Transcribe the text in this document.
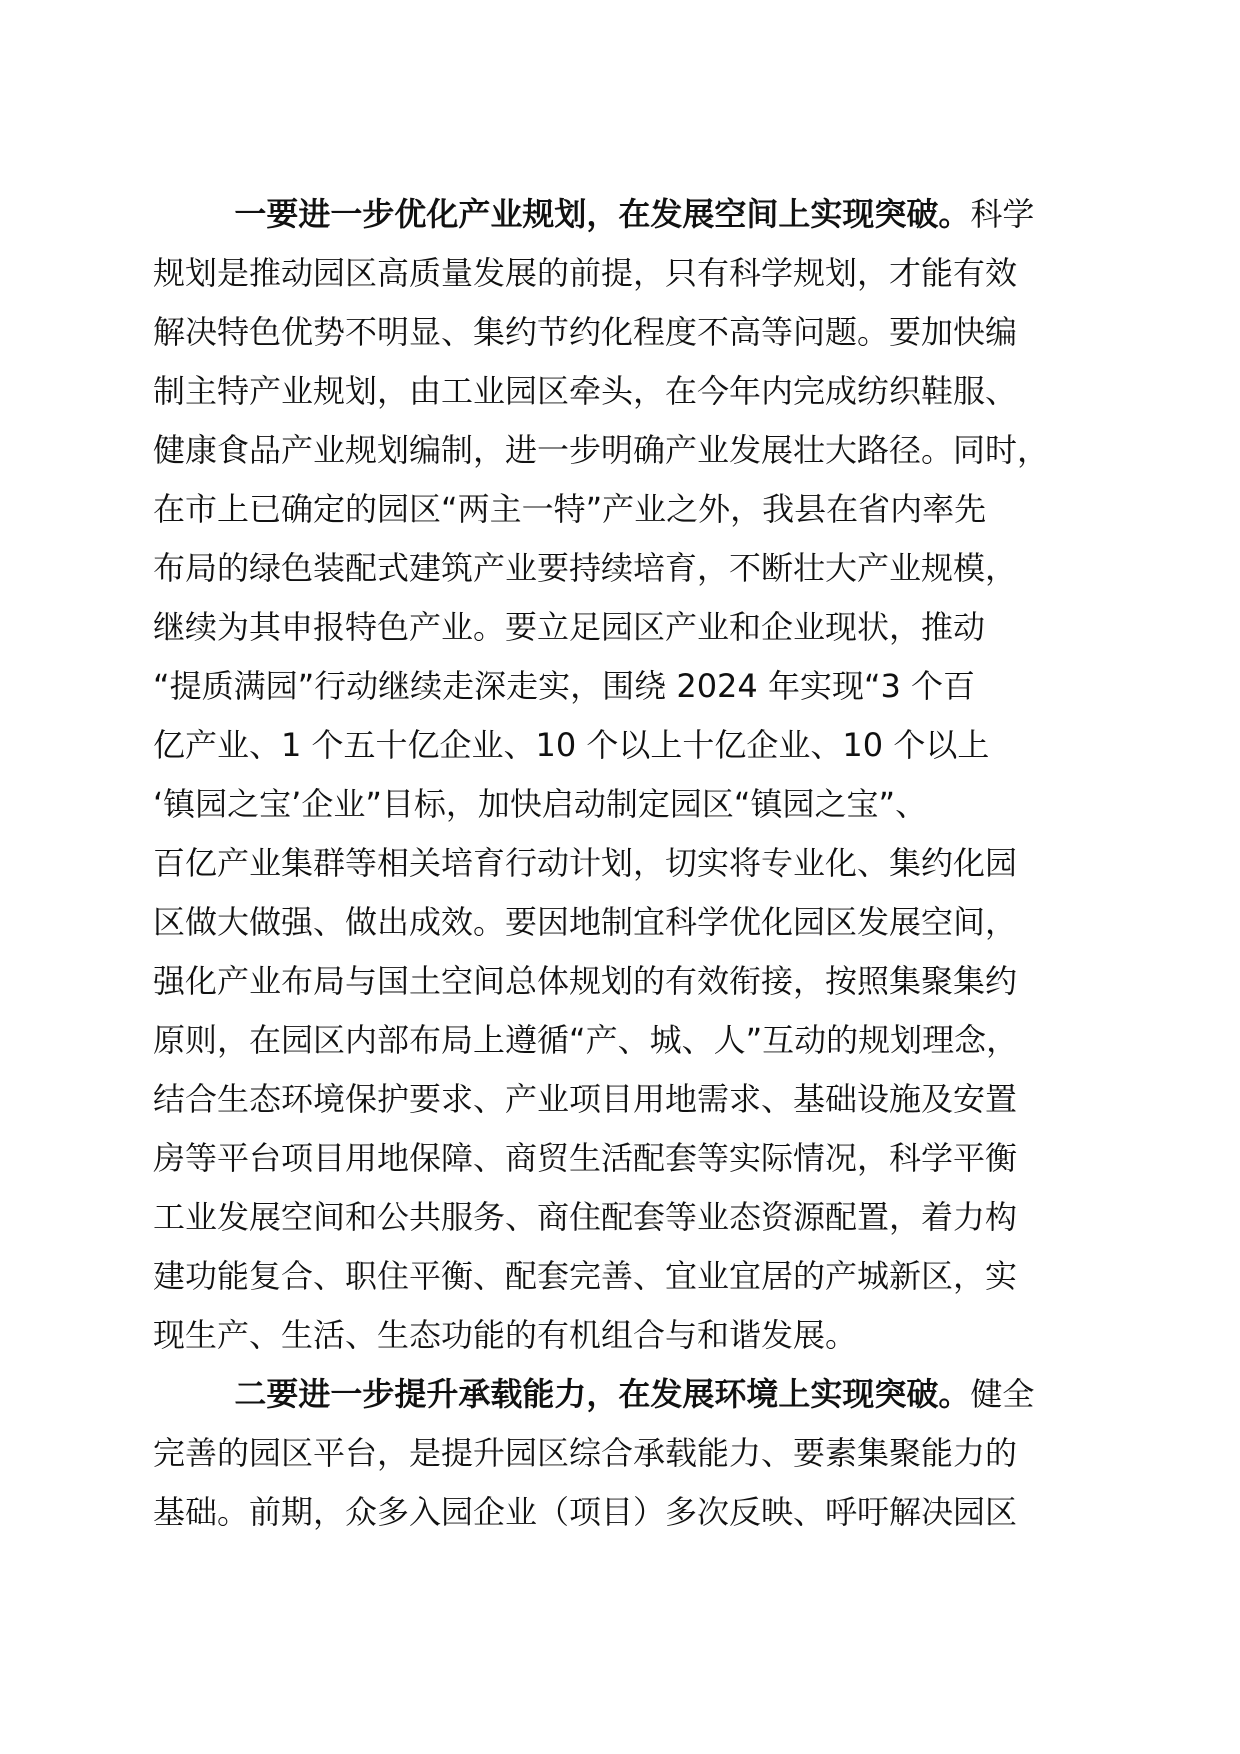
一要进一步优化产业规划，在发展空间上实现突破。科学
规划是推动园区高质量发展的前提，只有科学规划，才能有效
解决特色优势不明显、集约节约化程度不高等问题。要加快编
制主特产业规划，由工业园区牵头，在今年内完成纺织鞋服、
健康食品产业规划编制，进一步明确产业发展壮大路径。同时，
在市上已确定的园区“两主一特”产业之外，我县在省内率先
布局的绿色装配式建筑产业要持续培育，不断壮大产业规模，
继续为其申报特色产业。要立足园区产业和企业现状，推动
“提质满园”行动继续走深走实，围绕 2024 年实现“3 个百
亿产业、1 个五十亿企业、10 个以上十亿企业、10 个以上
‘镇园之宝’企业”目标，加快启动制定园区“镇园之宝”、
百亿产业集群等相关培育行动计划，切实将专业化、集约化园
区做大做强、做出成效。要因地制宜科学优化园区发展空间，
强化产业布局与国土空间总体规划的有效衔接，按照集聚集约
原则，在园区内部布局上遵循“产、城、人”互动的规划理念，
结合生态环境保护要求、产业项目用地需求、基础设施及安置
房等平台项目用地保障、商贸生活配套等实际情况，科学平衡
工业发展空间和公共服务、商住配套等业态资源配置，着力构
建功能复合、职住平衡、配套完善、宜业宜居的产城新区，实
现生产、生活、生态功能的有机组合与和谐发展。
二要进一步提升承载能力，在发展环境上实现突破。健全
完善的园区平台，是提升园区综合承载能力、要素集聚能力的
基础。前期，众多入园企业（项目）多次反映、呼吁解决园区
